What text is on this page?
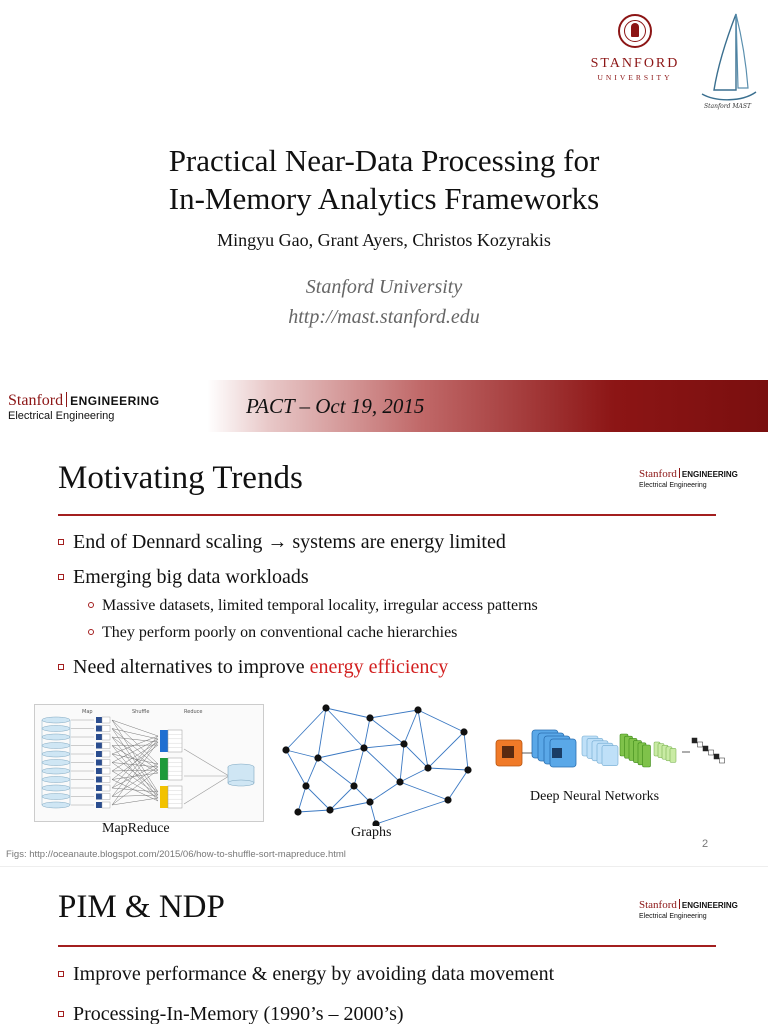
STANFORD
UNIVERSITY
Stanford MAST
Practical Near-Data Processing for
In-Memory Analytics Frameworks
Mingyu Gao, Grant Ayers, Christos Kozyrakis
Stanford University
http://mast.stanford.edu
Stanford ENGINEERING
Electrical Engineering	PACT – Oct 19, 2015
Motivating Trends	Stanford ENGINEERING
Electrical Engineering
End of Dennard scaling → systems are energy limited
Emerging big data workloads
Massive datasets, limited temporal locality, irregular access patterns
They perform poorly on conventional cache hierarchies
Need alternatives to improve energy efficiency
Map	Shuffle	Reduce
MapReduce	Graphs
Deep Neural Networks
Figs: http://oceanaute.blogspot.com/2015/06/how-to-shuffle-sort-mapreduce.html
2
PIM & NDP	Stanford ENGINEERING
Electrical Engineering
Improve performance & energy by avoiding data movement
Processing-In-Memory (1990’s – 2000’s)
